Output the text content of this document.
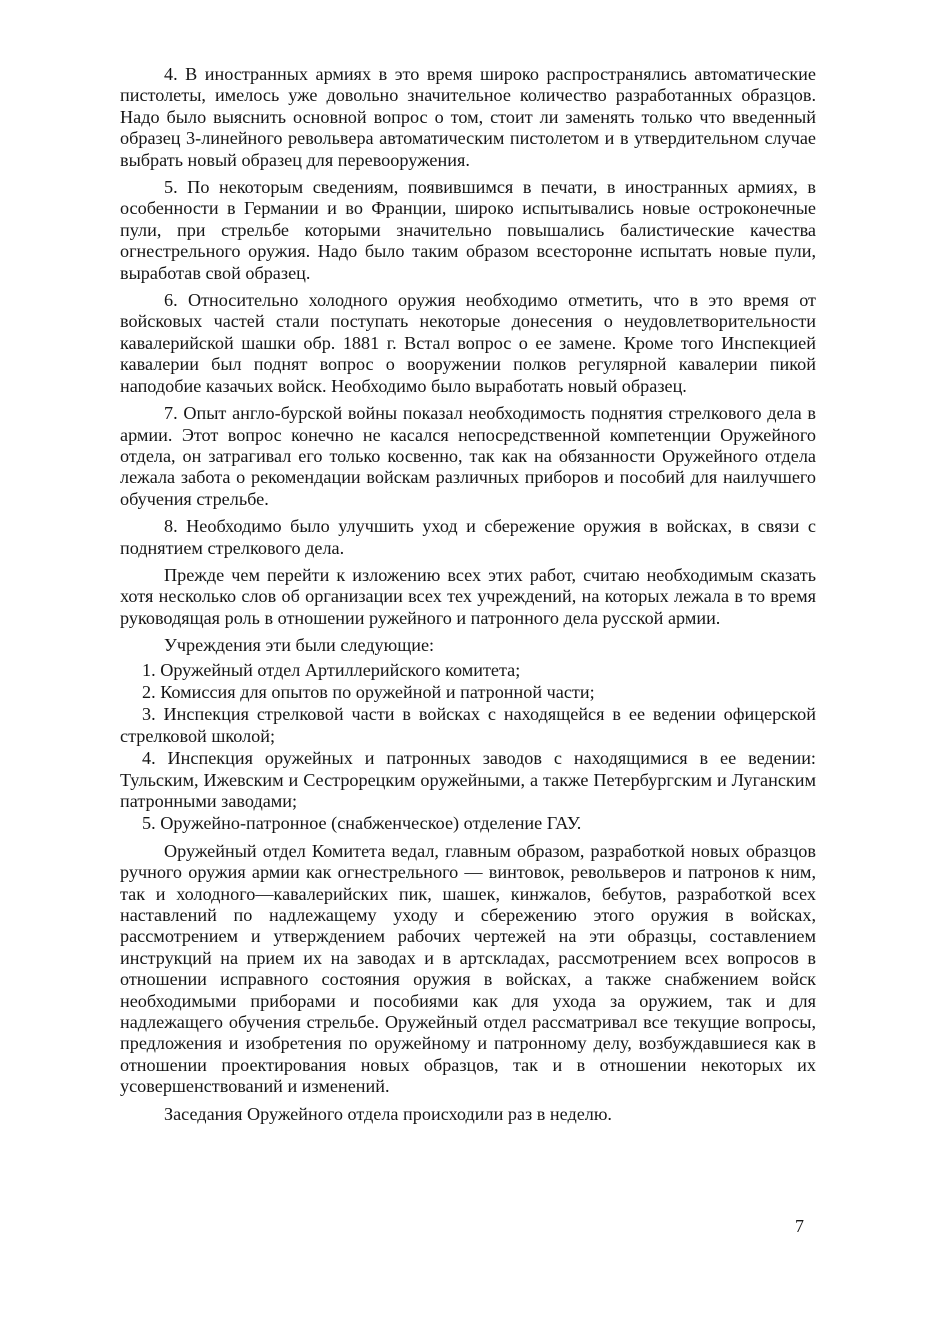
4. В иностранных армиях в это время широко распространялись автоматические пистолеты, имелось уже довольно значительное количество разработанных образцов. Надо было выяснить основной вопрос о том, стоит ли заменять только что введенный образец 3-линейного револьвера автоматическим пистолетом и в утвердительном случае выбрать новый образец для перевооружения.

5. По некоторым сведениям, появившимся в печати, в иностранных армиях, в особенности в Германии и во Франции, широко испытывались новые остроконечные пули, при стрельбе которыми значительно повышались балистические качества огнестрельного оружия. Надо было таким образом всесторонне испытать новые пули, выработав свой образец.

6. Относительно холодного оружия необходимо отметить, что в это время от войсковых частей стали поступать некоторые донесения о неудовлетворительности кавалерийской шашки обр. 1881 г. Встал вопрос о ее замене. Кроме того Инспекцией кавалерии был поднят вопрос о вооружении полков регулярной кавалерии пикой наподобие казачьих войск. Необходимо было выработать новый образец.

7. Опыт англо-бурской войны показал необходимость поднятия стрелкового дела в армии. Этот вопрос конечно не касался непосредственной компетенции Оружейного отдела, он затрагивал его только косвенно, так как на обязанности Оружейного отдела лежала забота о рекомендации войскам различных приборов и пособий для наилучшего обучения стрельбе.

8. Необходимо было улучшить уход и сбережение оружия в войсках, в связи с поднятием стрелкового дела.

Прежде чем перейти к изложению всех этих работ, считаю необходимым сказать хотя несколько слов об организации всех тех учреждений, на которых лежала в то время руководящая роль в отношении ружейного и патронного дела русской армии.

Учреждения эти были следующие:

1. Оружейный отдел Артиллерийского комитета;

2. Комиссия для опытов по оружейной и патронной части;

3. Инспекция стрелковой части в войсках с находящейся в ее ведении офицерской стрелковой школой;

4. Инспекция оружейных и патронных заводов с находящимися в ее ведении: Тульским, Ижевским и Сестрорецким оружейными, а также Петербургским и Луганским патронными заводами;

5. Оружейно-патронное (снабженческое) отделение ГАУ.

Оружейный отдел Комитета ведал, главным образом, разработкой новых образцов ручного оружия армии как огнестрельного — винтовок, револьверов и патронов к ним, так и холодного—кавалерийских пик, шашек, кинжалов, бебутов, разработкой всех наставлений по надлежащему уходу и сбережению этого оружия в войсках, рассмотрением и утверждением рабочих чертежей на эти образцы, составлением инструкций на прием их на заводах и в артскладах, рассмотрением всех вопросов в отношении исправного состояния оружия в войсках, а также снабжением войск необходимыми приборами и пособиями как для ухода за оружием, так и для надлежащего обучения стрельбе. Оружейный отдел рассматривал все текущие вопросы, предложения и изобретения по оружейному и патронному делу, возбуждавшиеся как в отношении проектирования новых образцов, так и в отношении некоторых их усовершенствований и изменений.

Заседания Оружейного отдела происходили раз в неделю.

7
